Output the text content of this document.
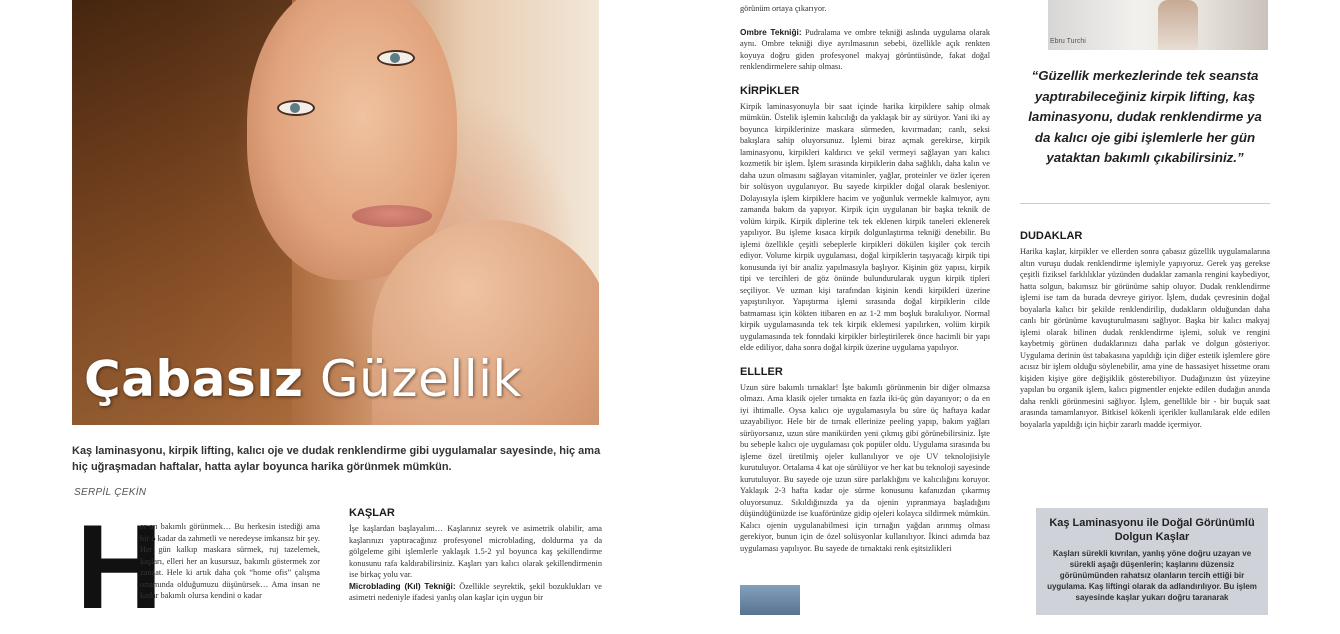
Çabasız Güzellik
Kaş laminasyonu, kirpik lifting, kalıcı oje ve dudak renklendirme gibi uygulamalar sayesinde, hiç ama hiç uğraşmadan haftalar, hatta aylar boyunca harika görünmek mümkün.
SERPİL ÇEKİN
H
er an bakımlı görünmek… Bu herkesin istediği ama bir o kadar da zahmetli ve neredeyse imkansız bir şey. Her gün kalkıp maskara sürmek, ruj tazelemek, kaşları, elleri her an kusursuz, bakımlı göstermek zor zanaat. Hele ki artık daha çok “home ofis” çalışma ortamında olduğumuzu düşünürsek… Ama insan ne kadar bakımlı olursa kendini o kadar
KAŞLAR
İşe kaşlardan başlayalım… Kaşlarınız seyrek ve asimetrik olabilir, ama kaşlarınızı yaptıracağınız profesyonel microblading, doldurma ya da gölgeleme gibi işlemlerle yaklaşık 1.5-2 yıl boyunca kaş şekillendirme konusunu rafa kaldırabilirsiniz. Kaşları yarı kalıcı olarak şekillendirmenin ise birkaç yolu var.
Microblading (Kıl) Tekniği: Özellikle seyrektik, şekil bozuklukları ve asimetri nedeniyle ifadesi yanlış olan kaşlar için uygun bir
görünüm ortaya çıkarıyor.
Ombre Tekniği: Pudralama ve ombre tekniği aslında uygulama olarak aynı. Ombre tekniği diye ayrılmasının sebebi, özellikle açık renkten koyuya doğru giden profesyonel makyaj görüntüsünde, fakat doğal renklendirmelere sahip olması.
KİRPİKLER
Kirpik laminasyonuyla bir saat içinde harika kirpiklere sahip olmak mümkün. Üstelik işlemin kalıcılığı da yaklaşık bir ay sürüyor. Yani iki ay boyunca kirpiklerinize maskara sürmeden, kıvırmadan; canlı, seksi bakışlara sahip oluyorsunuz. İşlemi biraz açmak gerekirse, kirpik laminasyonu, kirpikleri kaldırıcı ve şekil vermeyi sağlayan yarı kalıcı kozmetik bir işlem. İşlem sırasında kirpiklerin daha sağlıklı, daha kalın ve daha uzun olmasını sağlayan vitaminler, yağlar, proteinler ve özler içeren bir solüsyon uygulanıyor. Bu sayede kirpikler doğal olarak besleniyor. Dolayısıyla işlem kirpiklere hacim ve yoğunluk vermekle kalmıyor, aynı zamanda bakım da yapıyor. Kirpik için uygulanan bir başka teknik de volüm kirpik. Kirpik diplerine tek tek eklenen kirpik taneleri eklenerek yapılıyor. Bu işleme kısaca kirpik dolgunlaştırma tekniği denebilir. Bu işlemi özellikle çeşitli sebeplerle kirpikleri dökülen kişiler çok tercih ediyor. Volume kirpik uygulaması, doğal kirpiklerin taşıyacağı kirpik tipi konusunda iyi bir analiz yapılmasıyla başlıyor. Kişinin göz yapısı, kirpik tipi ve tercihleri de göz önünde bulundurularak uygun kirpik tipleri seçiliyor. Ve uzman kişi tarafından kişinin kendi kirpikleri üzerine yapıştırılıyor. Yapıştırma işlemi sırasında doğal kirpiklerin cilde batmaması için kökten itibaren en az 1-2 mm boşluk bırakılıyor. Normal kirpik uygulamasında tek tek kirpik eklemesi yapılırken, volüm kirpik uygulamasında tek fonndaki kirpikler birleştirilerek önce hacimli bir yapı elde ediliyor, daha sonra doğal kirpik üzerine uygulama yapılıyor.
ELLLER
Uzun süre bakımlı tırnaklar! İşte bakımlı görünmenin bir diğer olmazsa olmazı. Ama klasik ojeler tırnakta en fazla iki-üç gün dayanıyor; o da en iyi ihtimalle. Oysa kalıcı oje uygulamasıyla bu süre üç haftaya kadar uzayabiliyor. Hele bir de tırnak ellerinize peeling yapıp, bakım yağları sürüyorsanız, uzun süre manikürden yeni çıkmış gibi görünebilirsiniz. İşte bu sebeple kalıcı oje uygulaması çok popüler oldu. Uygulama sırasında bu işleme özel üretilmiş ojeler kullanılıyor ve oje UV teknolojisiyle kurutuluyor. Ortalama 4 kat oje sürülüyor ve her kat bu teknoloji sayesinde kurutuluyor. Bu sayede oje uzun süre parlaklığını ve kalıcılığını koruyor. Yaklaşık 2-3 hafta kadar oje sürme konusunu kafanızdan çıkarmış oluyorsunuz. Sıkıldığınızda ya da ojenin yıpranmaya başladığını düşündüğünüzde ise kuaförünüze gidip ojeleri kolayca sildirmek mümkün. Kalıcı ojenin uygulanabilmesi için tırnağın yağdan arınmış olması gerekiyor, bunun için de özel solüsyonlar kullanılıyor. İkinci adımda baz uygulaması yapılıyor. Bu sayede de tırnaktaki renk eşitsizlikleri
Ebru Turchi
“Güzellik merkezlerinde tek seansta yaptırabileceğiniz kirpik lifting, kaş laminasyonu, dudak renklendirme ya da kalıcı oje gibi işlemlerle her gün yataktan bakımlı çıkabilirsiniz.”
DUDAKLAR
Harika kaşlar, kirpikler ve ellerden sonra çabasız güzellik uygulamalarına altın vuruşu dudak renklendirme işlemiyle yapıyoruz. Gerek yaş gerekse çeşitli fiziksel farklılıklar yüzünden dudaklar zamanla rengini kaybediyor, hatta solgun, bakımsız bir görünüme sahip oluyor. Dudak renklendirme işlemi ise tam da burada devreye giriyor. İşlem, dudak çevresinin doğal boyalarla kalıcı bir şekilde renklendirilip, dudakların olduğundan daha canlı bir görünüme kavuşturulmasını sağlıyor. Başka bir kalıcı makyaj işlemi olarak bilinen dudak renklendirme işlemi, soluk ve rengini kaybetmiş görünen dudaklarınızı daha parlak ve dolgun gösteriyor. Uygulama derinin üst tabakasına yapıldığı için diğer estetik işlemlere göre acısız bir işlem olduğu söylenebilir, ama yine de hassasiyet hissetme oranı kişiden kişiye göre değişiklik gösterebiliyor. Dudağınızın üst yüzeyine yapılan bu organik işlem, kalıcı pigmentler enjekte edilen dudağın anında daha renkli görünmesini sağlıyor. İşlem, genellikle bir - bir buçuk saat arasında tamamlanıyor. Bitkisel kökenli içerikler kullanılarak elde edilen boyalarla yapıldığı için hiçbir zararlı madde içermiyor.
Kaş Laminasyonu ile Doğal Görünümlü Dolgun Kaşlar
Kaşları sürekli kıvrılan, yanlış yöne doğru uzayan ve sürekli aşağı düşenlerin; kaşlarını düzensiz görünümünden rahatsız olanların tercih ettiği bir uygulama. Kaş liftingi olarak da adlandırılıyor. Bu işlem sayesinde kaşlar yukarı doğru taranarak
